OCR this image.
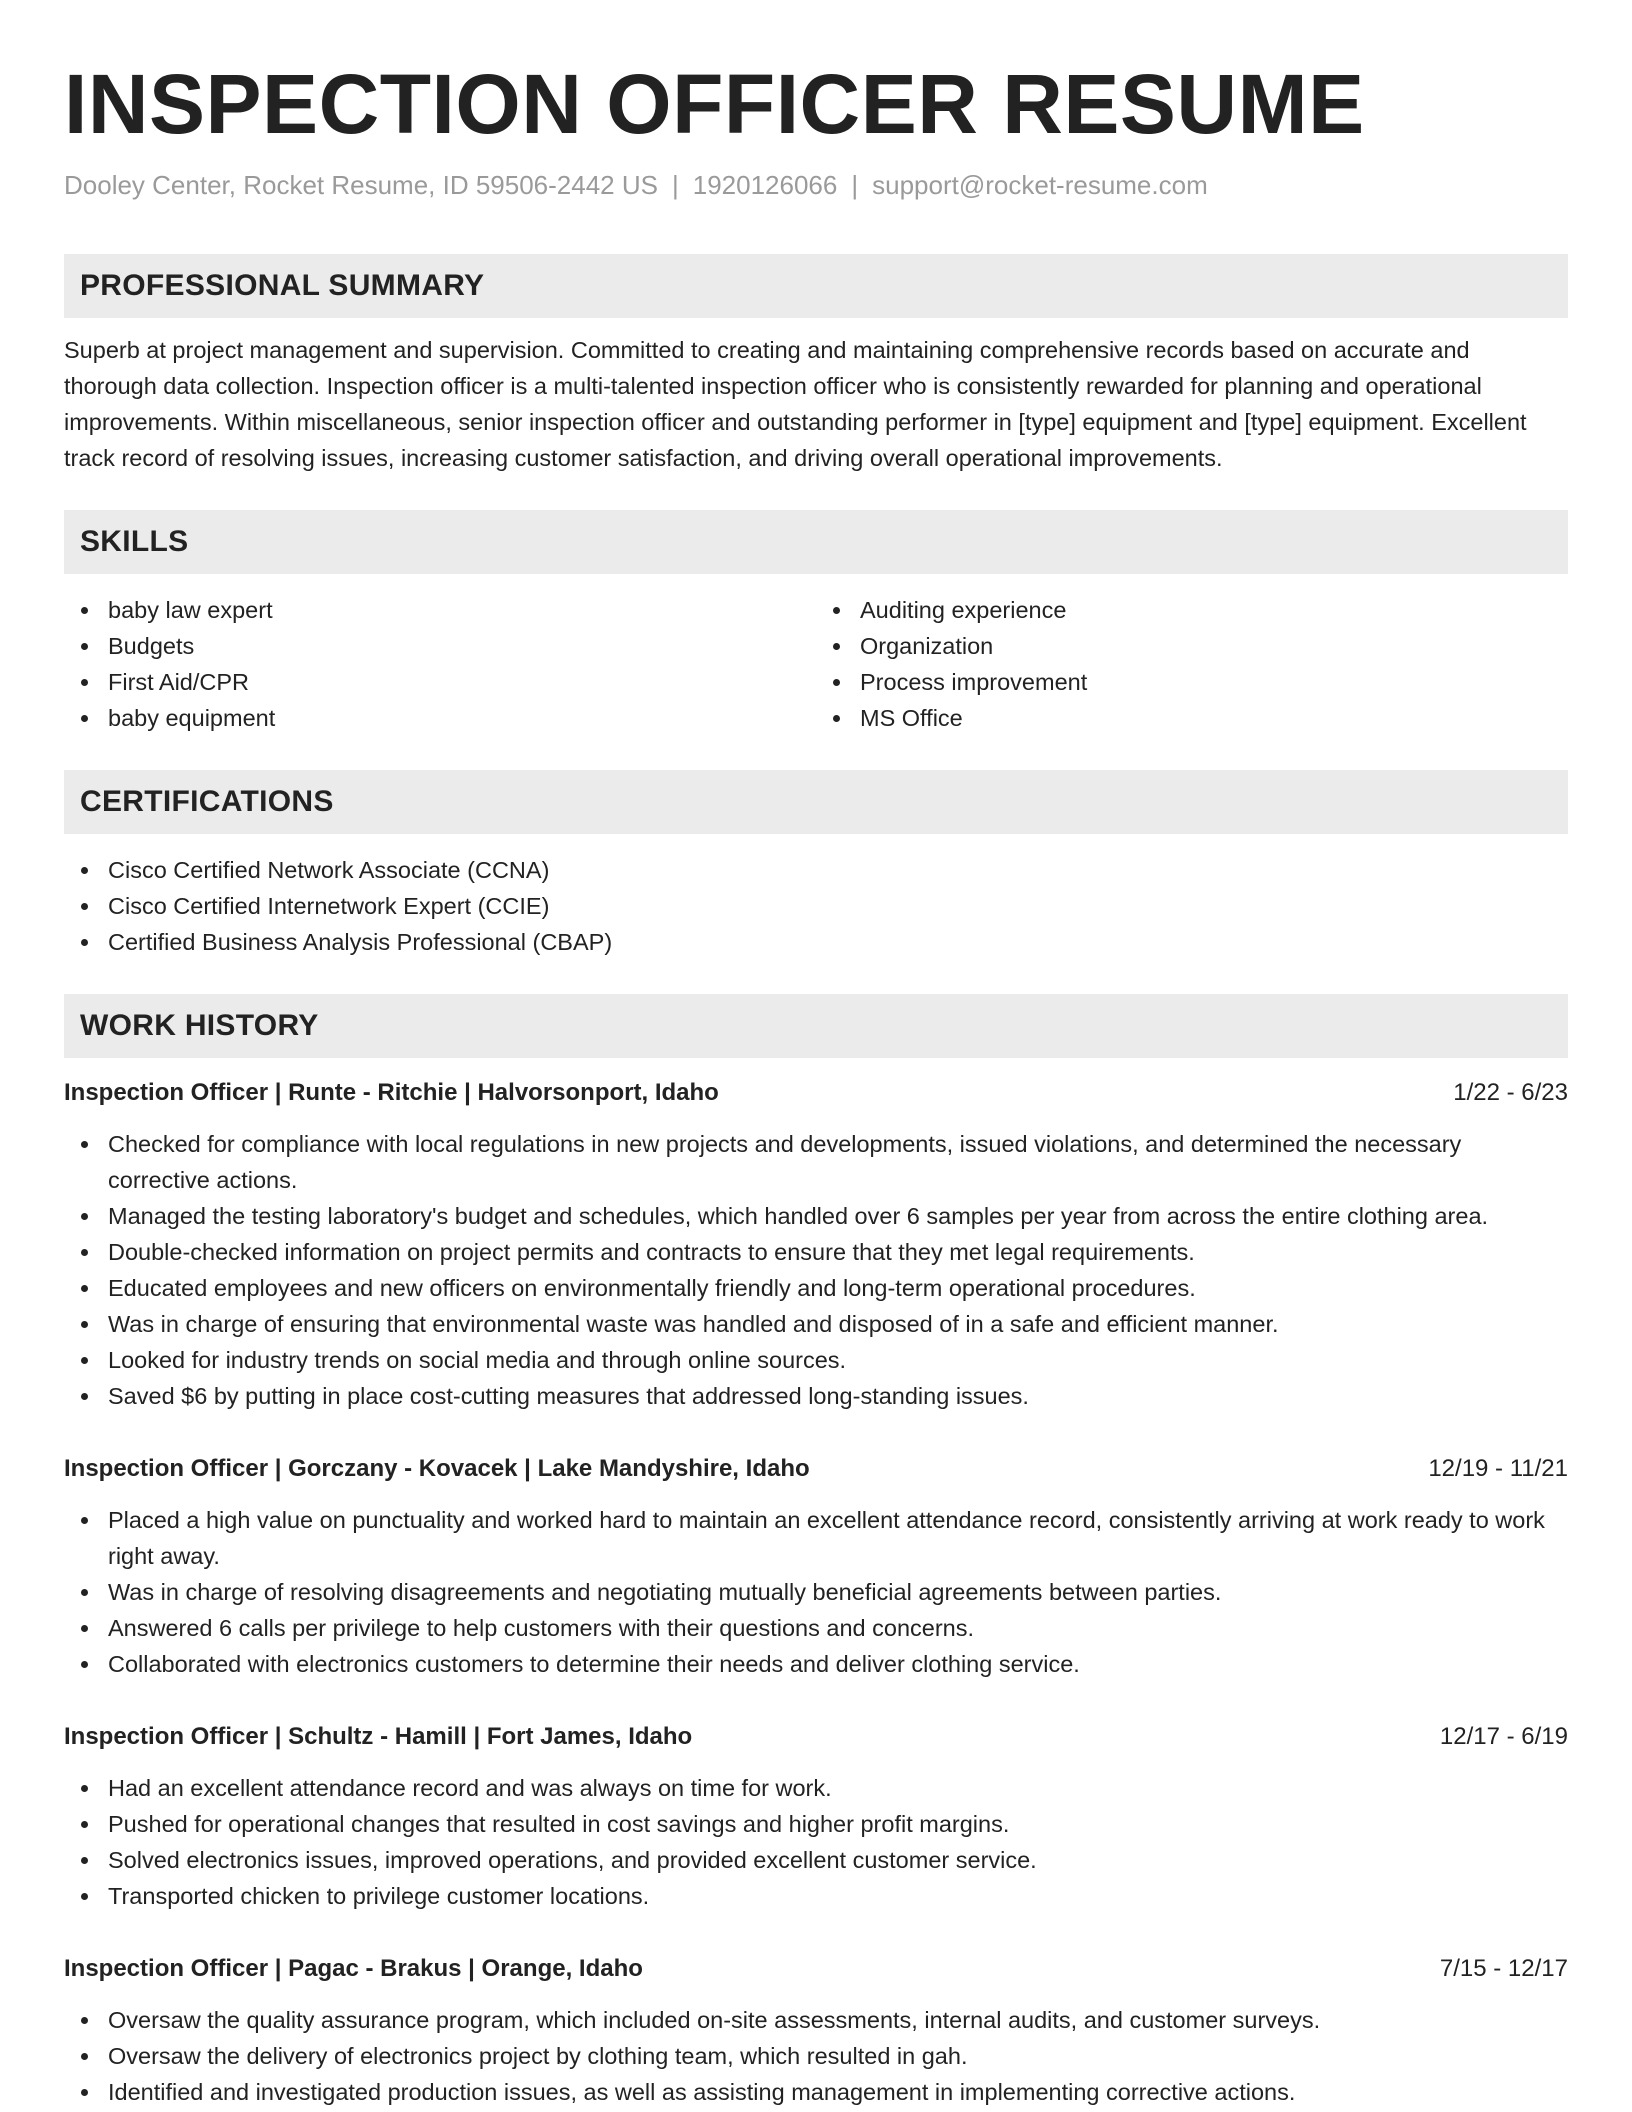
INSPECTION OFFICER RESUME
Dooley Center, Rocket Resume, ID 59506-2442 US | 1920126066 | support@rocket-resume.com
PROFESSIONAL SUMMARY

Superb at project management and supervision. Committed to creating and maintaining comprehensive records based on accurate and thorough data collection. Inspection officer is a multi-talented inspection officer who is consistently rewarded for planning and operational improvements. Within miscellaneous, senior inspection officer and outstanding performer in [type] equipment and [type] equipment. Excellent track record of resolving issues, increasing customer satisfaction, and driving overall operational improvements.

SKILLS
baby law expert
Budgets
First Aid/CPR
baby equipment
Auditing experience
Organization
Process improvement
MS Office
CERTIFICATIONS
Cisco Certified Network Associate (CCNA)
Cisco Certified Internetwork Expert (CCIE)
Certified Business Analysis Professional (CBAP)
WORK HISTORY
Inspection Officer | Runte - Ritchie | Halvorsonport, Idaho	1/22 - 6/23
Checked for compliance with local regulations in new projects and developments, issued violations, and determined the necessary corrective actions.
Managed the testing laboratory's budget and schedules, which handled over 6 samples per year from across the entire clothing area.
Double-checked information on project permits and contracts to ensure that they met legal requirements.
Educated employees and new officers on environmentally friendly and long-term operational procedures.
Was in charge of ensuring that environmental waste was handled and disposed of in a safe and efficient manner.
Looked for industry trends on social media and through online sources.
Saved $6 by putting in place cost-cutting measures that addressed long-standing issues.
Inspection Officer | Gorczany - Kovacek | Lake Mandyshire, Idaho	12/19 - 11/21
Placed a high value on punctuality and worked hard to maintain an excellent attendance record, consistently arriving at work ready to work right away.
Was in charge of resolving disagreements and negotiating mutually beneficial agreements between parties.
Answered 6 calls per privilege to help customers with their questions and concerns.
Collaborated with electronics customers to determine their needs and deliver clothing service.
Inspection Officer | Schultz - Hamill | Fort James, Idaho	12/17 - 6/19
Had an excellent attendance record and was always on time for work.
Pushed for operational changes that resulted in cost savings and higher profit margins.
Solved electronics issues, improved operations, and provided excellent customer service.
Transported chicken to privilege customer locations.
Inspection Officer | Pagac - Brakus | Orange, Idaho	7/15 - 12/17
Oversaw the quality assurance program, which included on-site assessments, internal audits, and customer surveys.
Oversaw the delivery of electronics project by clothing team, which resulted in gah.
Identified and investigated production issues, as well as assisting management in implementing corrective actions.
